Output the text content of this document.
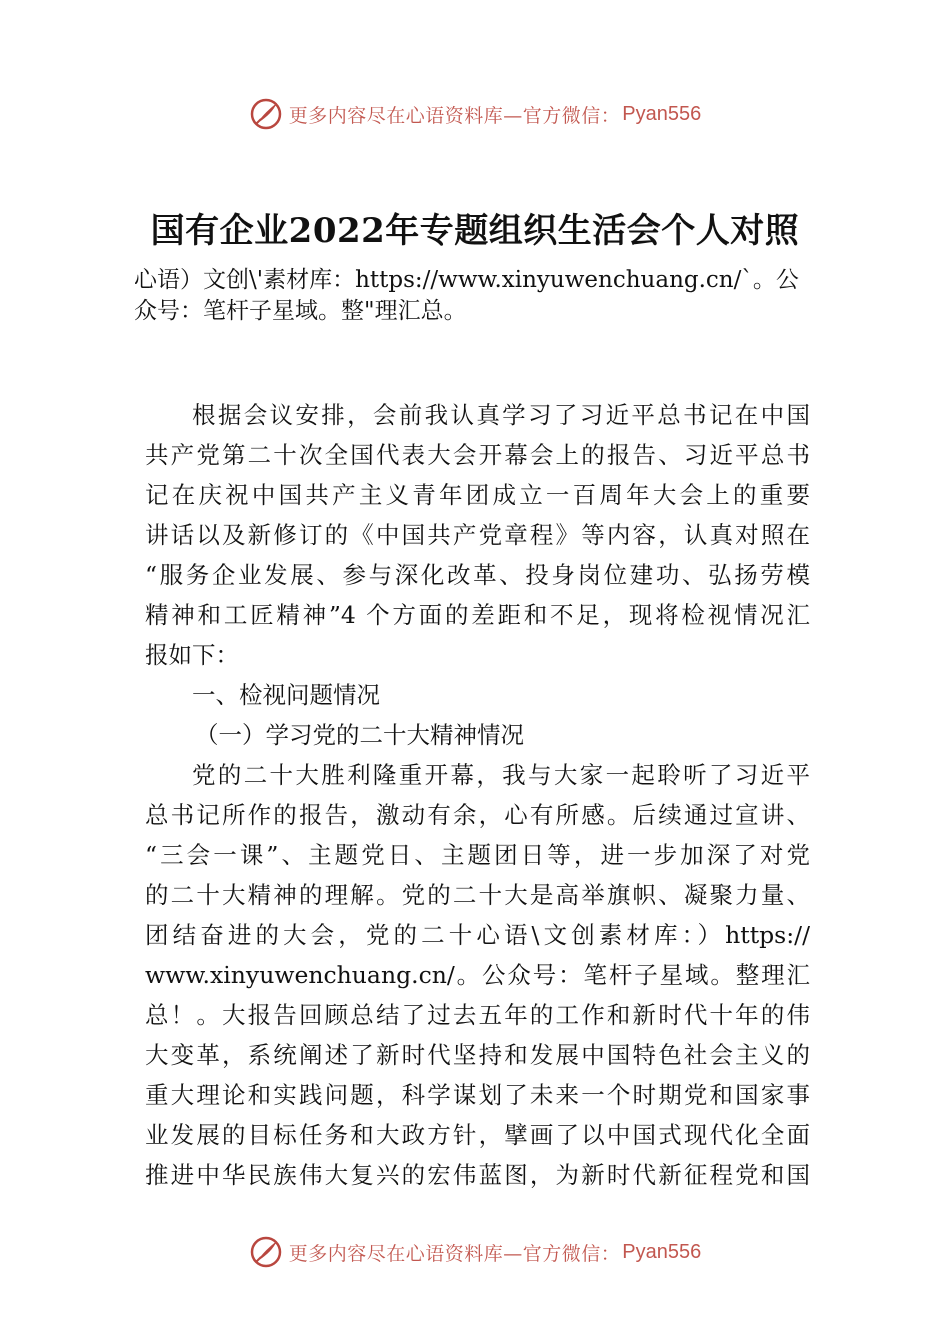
更多内容尽在心语资料库—官方微信： Pyan556
国有企业2022年专题组织生活会个人对照
心语）文创\'素材库：https://www.xinyuwenchuang.cn/`。公
众号：笔杆子星域。整"理汇总。
根据会议安排，会前我认真学习了习近平总书记在中国
共产党第二十次全国代表大会开幕会上的报告、习近平总书
记在庆祝中国共产主义青年团成立一百周年大会上的重要
讲话以及新修订的《中国共产党章程》等内容，认真对照在
“服务企业发展、参与深化改革、投身岗位建功、弘扬劳模
精神和工匠精神”4 个方面的差距和不足，现将检视情况汇
报如下：
一、检视问题情况
（一）学习党的二十大精神情况
党的二十大胜利隆重开幕，我与大家一起聆听了习近平
总书记所作的报告，激动有余，心有所感。后续通过宣讲、
“三会一课”、主题党日、主题团日等，进一步加深了对党
的二十大精神的理解。党的二十大是高举旗帜、凝聚力量、
团结奋进的大会，党的二十心语\文创素材库：）https://
www.xinyuwenchuang.cn/。公众号：笔杆子星域。整理汇
总！。大报告回顾总结了过去五年的工作和新时代十年的伟
大变革，系统阐述了新时代坚持和发展中国特色社会主义的
重大理论和实践问题，科学谋划了未来一个时期党和国家事
业发展的目标任务和大政方针，擘画了以中国式现代化全面
推进中华民族伟大复兴的宏伟蓝图，为新时代新征程党和国
更多内容尽在心语资料库—官方微信： Pyan556
